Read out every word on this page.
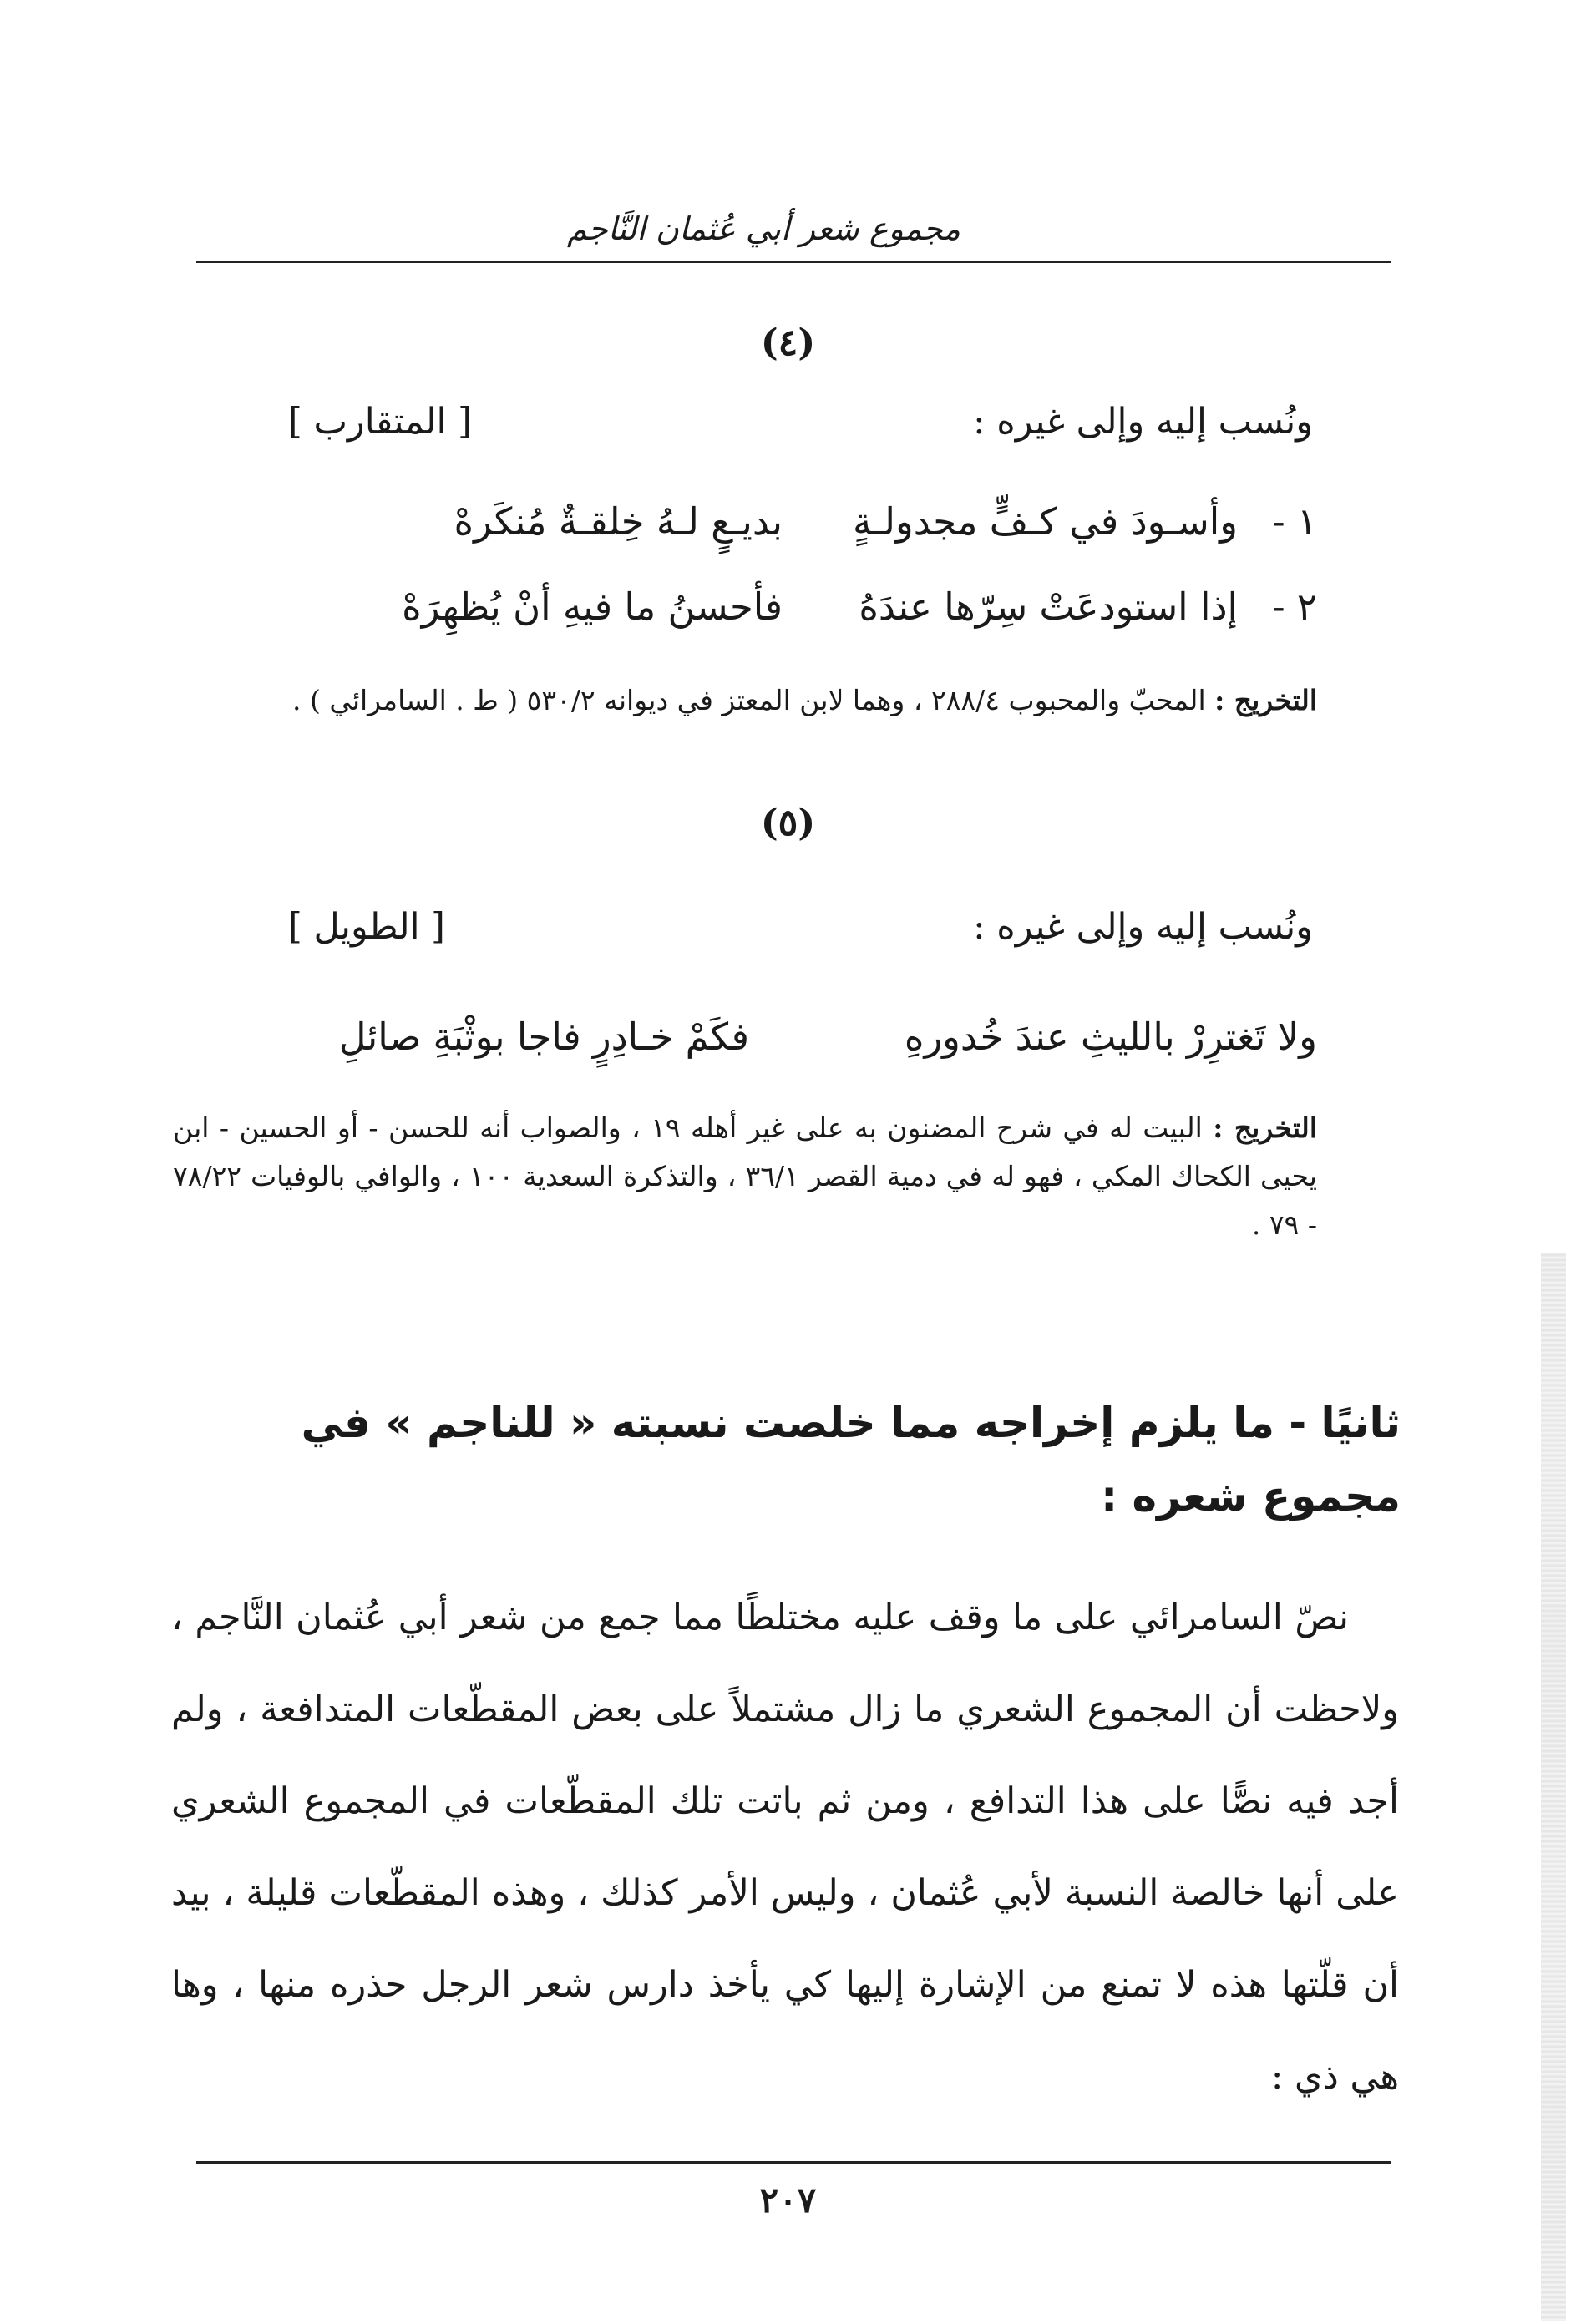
مجموع شعر أبي عُثمان النَّاجم
(٤)
ونُسب إليه وإلى غيره :
[ المتقارب ]
١ -
وأسـودَ في كـفٍّ مجدولـةٍ
بديـعٍ لـهُ خِلقـةٌ مُنكَرهْ
٢ -
إذا استودعَتْ سِرّها عندَهُ
فأحسنُ ما فيهِ أنْ يُظهِرَهْ
التخريج : المحبّ والمحبوب ٢٨٨/٤ ، وهما لابن المعتز في ديوانه ٥٣٠/٢ ( ط . السامرائي ) .
(٥)
ونُسب إليه وإلى غيره :
[ الطويل ]
ولا تَغترِرْ بالليثِ عندَ خُدورهِ
فكَمْ خـادِرٍ فاجا بوثْبَةِ صائلِ
التخريج : البيت له في شرح المضنون به على غير أهله ١٩ ، والصواب أنه للحسن - أو الحسين - ابن يحيى الكحاك المكي ، فهو له في دمية القصر ٣٦/١ ، والتذكرة السعدية ١٠٠ ، والوافي بالوفيات ٧٨/٢٢ - ٧٩ .
ثانيًا - ما يلزم إخراجه مما خلصت نسبته « للناجم » في مجموع شعره :
نصّ السامرائي على ما وقف عليه مختلطًا مما جمع من شعر أبي عُثمان النَّاجم ، ولاحظت أن المجموع الشعري ما زال مشتملاً على بعض المقطّعات المتدافعة ، ولم أجد فيه نصًّا على هذا التدافع ، ومن ثم باتت تلك المقطّعات في المجموع الشعري على أنها خالصة النسبة لأبي عُثمان ، وليس الأمر كذلك ، وهذه المقطّعات قليلة ، بيد أن قلّتها هذه لا تمنع من الإشارة إليها كي يأخذ دارس شعر الرجل حذره منها ، وها هي ذي :
٢٠٧
